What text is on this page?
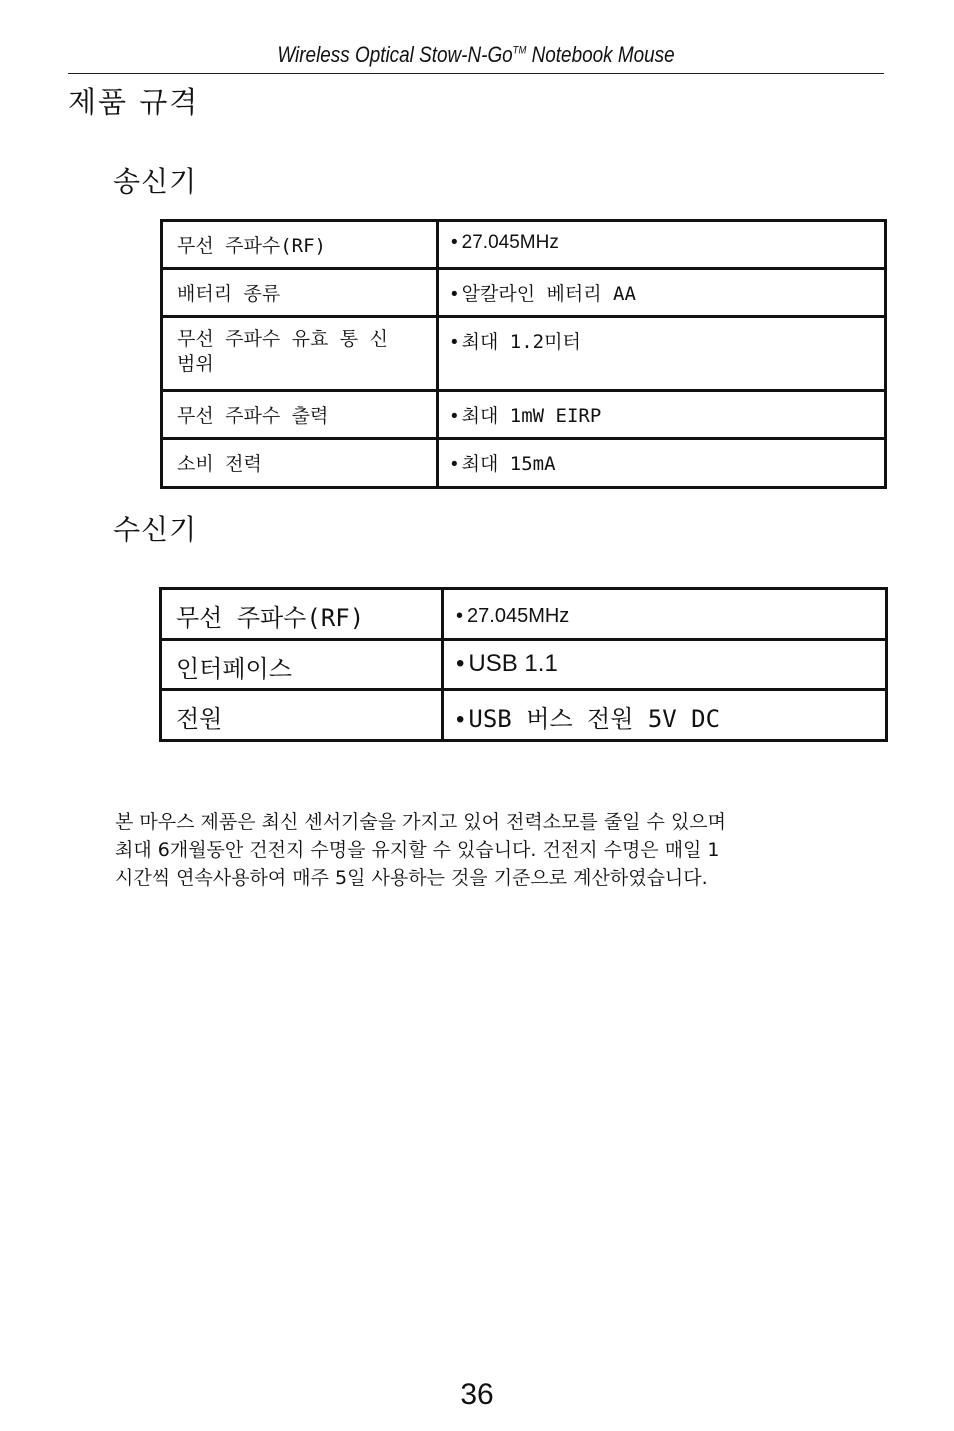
Wireless Optical Stow-N-Go™ Notebook Mouse
제품 규격
송신기
무선 주파수(RF)	• 27.045MHz
배터리 종류	• 알칼라인 베터리 AA
무선 주파수 유효 통 신 범위	• 최대 1.2미터
무선 주파수 출력	• 최대 1mW EIRP
소비 전력	• 최대 15mA
수신기
무선 주파수(RF)	• 27.045MHz
인터페이스	• USB 1.1
전원	• USB 버스 전원 5V DC

본 마우스 제품은 최신 센서기술을 가지고 있어 전력소모를 줄일 수 있으며
최대 6개월동안 건전지 수명을 유지할 수 있습니다. 건전지 수명은 매일 1
시간씩 연속사용하여 매주 5일 사용하는 것을 기준으로 계산하였습니다.

36
